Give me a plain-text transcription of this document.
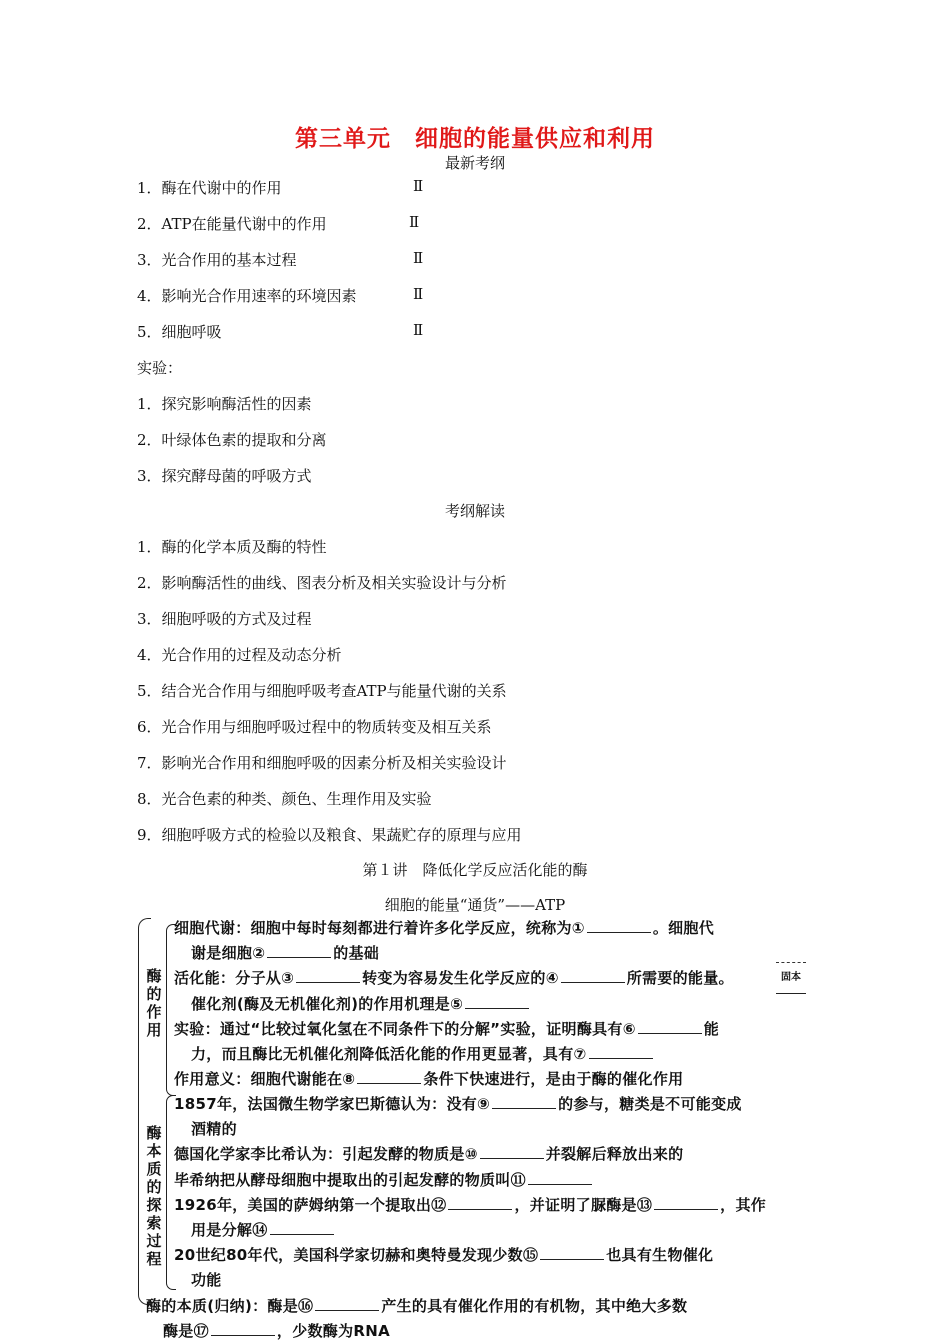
第三单元　细胞的能量供应和利用
最新考纲
1．酶在代谢中的作用	Ⅱ
2．ATP在能量代谢中的作用	Ⅱ
3．光合作用的基本过程	Ⅱ
4．影响光合作用速率的环境因素	Ⅱ
5．细胞呼吸	Ⅱ
实验：
1．探究影响酶活性的因素
2．叶绿体色素的提取和分离
3．探究酵母菌的呼吸方式
考纲解读
1．酶的化学本质及酶的特性
2．影响酶活性的曲线、图表分析及相关实验设计与分析
3．细胞呼吸的方式及过程
4．光合作用的过程及动态分析
5．结合光合作用与细胞呼吸考查ATP与能量代谢的关系
6．光合作用与细胞呼吸过程中的物质转变及相互关系
7．影响光合作用和细胞呼吸的因素分析及相关实验设计
8．光合色素的种类、颜色、生理作用及实验
9．细胞呼吸方式的检验以及粮食、果蔬贮存的原理与应用
第１讲　降低化学反应活化能的酶
细胞的能量“通货”——ATP
酶
的
作
用
酶
本
质
的
探
索
过
程
细胞代谢：细胞中每时每刻都进行着许多化学反应，统称为①	。细胞代
谢是细胞②	的基础
活化能：分子从③	转变为容易发生化学反应的④	所需要的能量。
催化剂(酶及无机催化剂)的作用机理是⑤
实验：通过“比较过氧化氢在不同条件下的分解”实验，证明酶具有⑥	能
力，而且酶比无机催化剂降低活化能的作用更显著，具有⑦
作用意义：细胞代谢能在⑧	条件下快速进行，是由于酶的催化作用
1857年，法国微生物学家巴斯德认为：没有⑨	的参与，糖类是不可能变成
酒精的
德国化学家李比希认为：引起发酵的物质是⑩	并裂解后释放出来的
毕希纳把从酵母细胞中提取出的引起发酵的物质叫⑪
1926年，美国的萨姆纳第一个提取出⑫	，并证明了脲酶是⑬	，其作
用是分解⑭
20世纪80年代，美国科学家切赫和奥特曼发现少数⑮	也具有生物催化
功能
酶的本质(归纳)：酶是⑯	产生的具有催化作用的有机物，其中绝大多数
酶是⑰	，少数酶为RNA
固本
